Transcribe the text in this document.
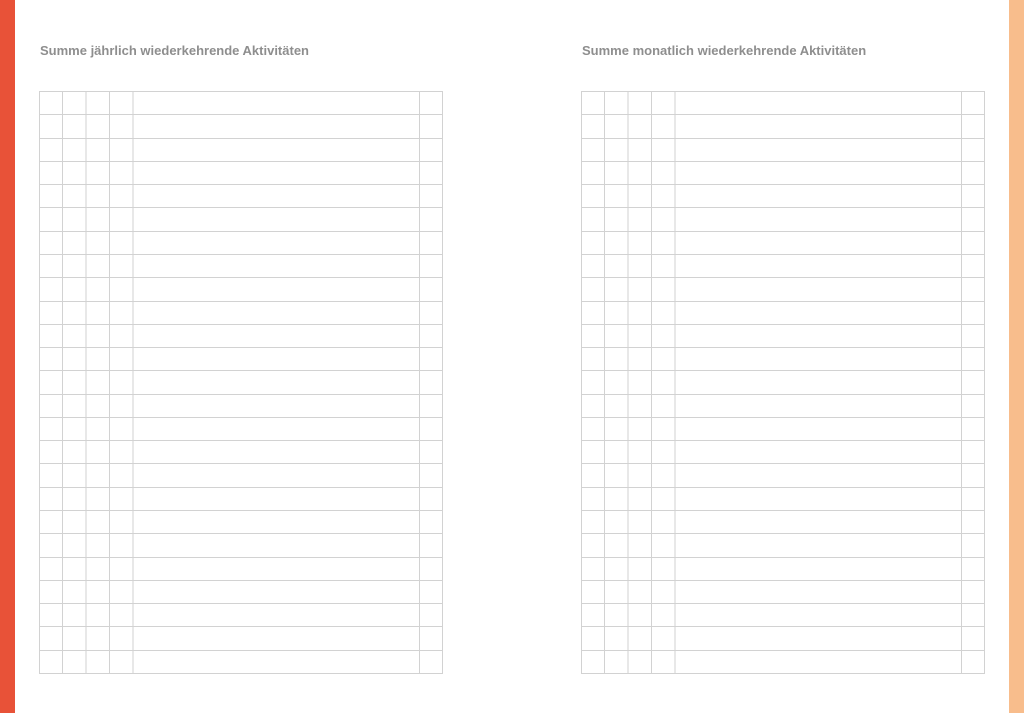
Summe jährlich wiederkehrende Aktivitäten	Summe monatlich wiederkehrende Aktivitäten
